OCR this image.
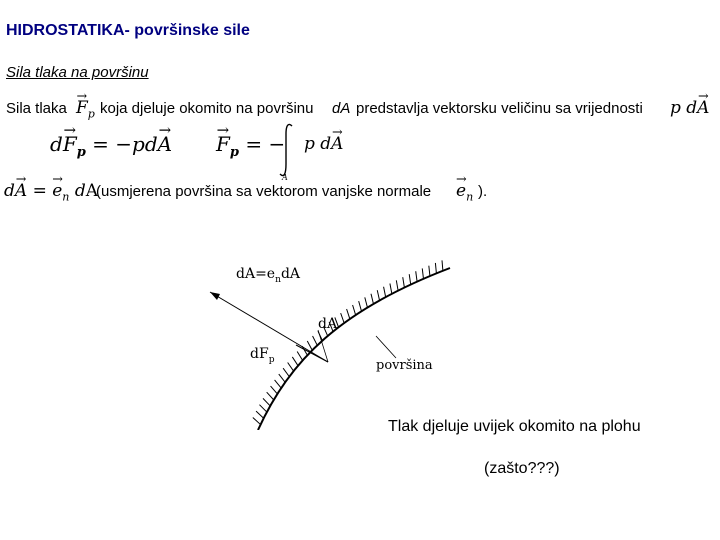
HIDROSTATIKA- površinske sile
Sila tlaka na površinu
Sila tlaka
→ $F_p$ koja djeluje okomito na površinu dA predstavlja vektorsku veličinu sa vrijednosti p d→ A
$d\to F_p = -pd\to A$
→ $F_p$ = −
A
p d→ A
d→ A = → $e_n$ dA
(usmjerena površina sa vektorom vanjske normale
→ $e_n$ ).
$dA=e_ndA$
dA
$dF_p$	površina
Tlak djeluje uvijek okomito na plohu
(zašto???)
